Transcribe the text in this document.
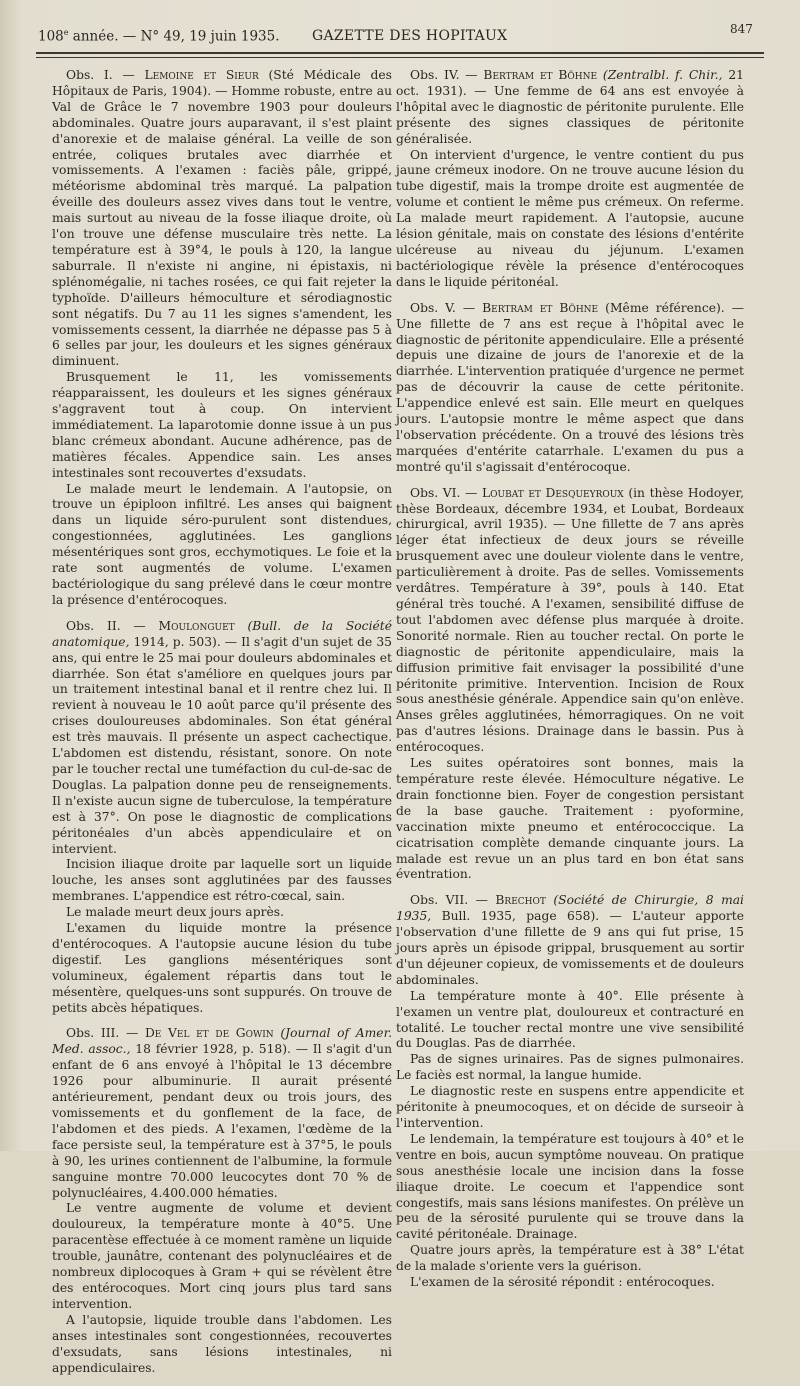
108e année. — N° 49, 19 juin 1935. GAZETTE DES HOPITAUX	847

Obs. I. — Lemoine et Sieur (Sté Médicale des Hôpitaux de Paris, 1904). — Homme robuste, entre au Val de Grâce le 7 novembre 1903 pour douleurs abdominales. Quatre jours auparavant, il s'est plaint d'anorexie et de malaise général. La veille de son entrée, coliques brutales avec diarrhée et vomissements. A l'examen : faciès pâle, grippé, météorisme abdominal très marqué. La palpation éveille des douleurs assez vives dans tout le ventre, mais surtout au niveau de la fosse iliaque droite, où l'on trouve une défense musculaire très nette. La température est à 39°4, le pouls à 120, la langue saburrale. Il n'existe ni angine, ni épistaxis, ni splénomégalie, ni taches rosées, ce qui fait rejeter la typhoïde. D'ailleurs hémoculture et sérodiagnostic sont négatifs. Du 7 au 11 les signes s'amendent, les vomissements cessent, la diarrhée ne dépasse pas 5 à 6 selles par jour, les douleurs et les signes généraux diminuent.

Brusquement le 11, les vomissements réapparaissent, les douleurs et les signes généraux s'aggravent tout à coup. On intervient immédiatement. La laparotomie donne issue à un pus blanc crémeux abondant. Aucune adhérence, pas de matières fécales. Appendice sain. Les anses intestinales sont recouvertes d'exsudats.

Le malade meurt le lendemain. A l'autopsie, on trouve un épiploon infiltré. Les anses qui baignent dans un liquide séro-purulent sont distendues, congestionnées, agglutinées. Les ganglions mésentériques sont gros, ecchymotiques. Le foie et la rate sont augmentés de volume. L'examen bactériologique du sang prélevé dans le cœur montre la présence d'entérocoques.

Obs. II. — Moulonguet (Bull. de la Société anatomique, 1914, p. 503). — Il s'agit d'un sujet de 35 ans, qui entre le 25 mai pour douleurs abdominales et diarrhée. Son état s'améliore en quelques jours par un traitement intestinal banal et il rentre chez lui. Il revient à nouveau le 10 août parce qu'il présente des crises douloureuses abdominales. Son état général est très mauvais. Il présente un aspect cachectique. L'abdomen est distendu, résistant, sonore. On note par le toucher rectal une tuméfaction du cul-de-sac de Douglas. La palpation donne peu de renseignements. Il n'existe aucun signe de tuberculose, la température est à 37°. On pose le diagnostic de complications péritonéales d'un abcès appendiculaire et on intervient.

Incision iliaque droite par laquelle sort un liquide louche, les anses sont agglutinées par des fausses membranes. L'appendice est rétro-cœcal, sain.

Le malade meurt deux jours après.

L'examen du liquide montre la présence d'entérocoques. A l'autopsie aucune lésion du tube digestif. Les ganglions mésentériques sont volumineux, également répartis dans tout le mésentère, quelques-uns sont suppurés. On trouve de petits abcès hépatiques.

Obs. III. — De Vel et de Gowin (Journal of Amer. Med. assoc., 18 février 1928, p. 518). — Il s'agit d'un enfant de 6 ans envoyé à l'hôpital le 13 décembre 1926 pour albuminurie. Il aurait présenté antérieurement, pendant deux ou trois jours, des vomissements et du gonflement de la face, de l'abdomen et des pieds. A l'examen, l'œdème de la face persiste seul, la température est à 37°5, le pouls à 90, les urines contiennent de l'albumine, la formule sanguine montre 70.000 leucocytes dont 70 % de polynucléaires, 4.400.000 hématies.

Le ventre augmente de volume et devient douloureux, la température monte à 40°5. Une paracentèse effectuée à ce moment ramène un liquide trouble, jaunâtre, contenant des polynucléaires et de nombreux diplocoques à Gram + qui se révèlent être des entérocoques. Mort cinq jours plus tard sans intervention.

A l'autopsie, liquide trouble dans l'abdomen. Les anses intestinales sont congestionnées, recouvertes d'exsudats, sans lésions intestinales, ni appendiculaires.

Obs. IV. — Bertram et Böhne (Zentralbl. f. Chir., 21 oct. 1931). — Une femme de 64 ans est envoyée à l'hôpital avec le diagnostic de péritonite purulente. Elle présente des signes classiques de péritonite généralisée.

On intervient d'urgence, le ventre contient du pus jaune crémeux inodore. On ne trouve aucune lésion du tube digestif, mais la trompe droite est augmentée de volume et contient le même pus crémeux. On referme. La malade meurt rapidement. A l'autopsie, aucune lésion génitale, mais on constate des lésions d'entérite ulcéreuse au niveau du jéjunum. L'examen bactériologique révèle la présence d'entérocoques dans le liquide péritonéal.

Obs. V. — Bertram et Böhne (Même référence). — Une fillette de 7 ans est reçue à l'hôpital avec le diagnostic de péritonite appendiculaire. Elle a présenté depuis une dizaine de jours de l'anorexie et de la diarrhée. L'intervention pratiquée d'urgence ne permet pas de découvrir la cause de cette péritonite. L'appendice enlevé est sain. Elle meurt en quelques jours. L'autopsie montre le même aspect que dans l'observation précédente. On a trouvé des lésions très marquées d'entérite catarrhale. L'examen du pus a montré qu'il s'agissait d'entérocoque.

Obs. VI. — Loubat et Desqueyroux (in thèse Hodoyer, thèse Bordeaux, décembre 1934, et Loubat, Bordeaux chirurgical, avril 1935). — Une fillette de 7 ans après léger état infectieux de deux jours se réveille brusquement avec une douleur violente dans le ventre, particulièrement à droite. Pas de selles. Vomissements verdâtres. Température à 39°, pouls à 140. Etat général très touché. A l'examen, sensibilité diffuse de tout l'abdomen avec défense plus marquée à droite. Sonorité normale. Rien au toucher rectal. On porte le diagnostic de péritonite appendiculaire, mais la diffusion primitive fait envisager la possibilité d'une péritonite primitive. Intervention. Incision de Roux sous anesthésie générale. Appendice sain qu'on enlève. Anses grêles agglutinées, hémorragiques. On ne voit pas d'autres lésions. Drainage dans le bassin. Pus à entérocoques.

Les suites opératoires sont bonnes, mais la température reste élevée. Hémoculture négative. Le drain fonctionne bien. Foyer de congestion persistant de la base gauche. Traitement : pyoformine, vaccination mixte pneumo et entérococcique. La cicatrisation complète demande cinquante jours. La malade est revue un an plus tard en bon état sans éventration.

Obs. VII. — Brechot (Société de Chirurgie, 8 mai 1935, Bull. 1935, page 658). — L'auteur apporte l'observation d'une fillette de 9 ans qui fut prise, 15 jours après un épisode grippal, brusquement au sortir d'un déjeuner copieux, de vomissements et de douleurs abdominales.

La température monte à 40°. Elle présente à l'examen un ventre plat, douloureux et contracturé en totalité. Le toucher rectal montre une vive sensibilité du Douglas. Pas de diarrhée.

Pas de signes urinaires. Pas de signes pulmonaires. Le faciès est normal, la langue humide.

Le diagnostic reste en suspens entre appendicite et péritonite à pneumocoques, et on décide de surseoir à l'intervention.

Le lendemain, la température est toujours à 40° et le ventre en bois, aucun symptôme nouveau. On pratique sous anesthésie locale une incision dans la fosse iliaque droite. Le coecum et l'appendice sont congestifs, mais sans lésions manifestes. On prélève un peu de la sérosité purulente qui se trouve dans la cavité péritonéale. Drainage.

Quatre jours après, la température est à 38° L'état de la malade s'oriente vers la guérison.

L'examen de la sérosité répondit : entérocoques.
